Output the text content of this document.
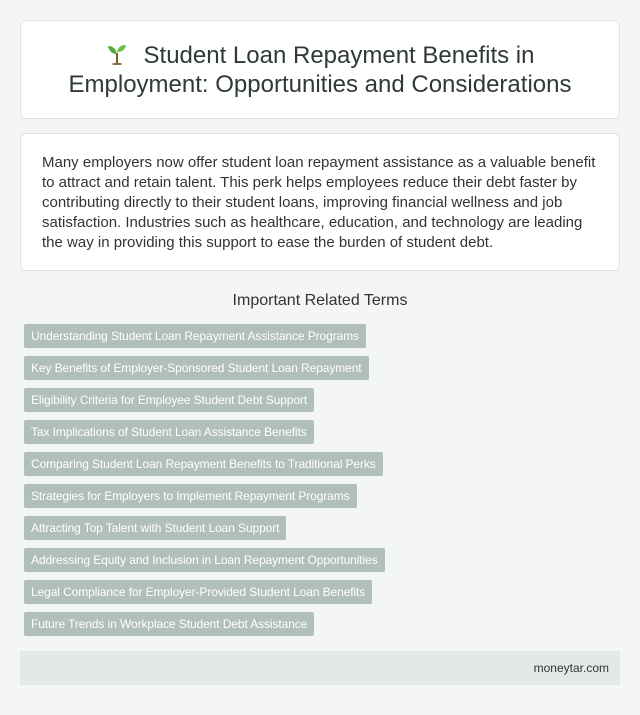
Student Loan Repayment Benefits in Employment: Opportunities and Considerations

Many employers now offer student loan repayment assistance as a valuable benefit to attract and retain talent. This perk helps employees reduce their debt faster by contributing directly to their student loans, improving financial wellness and job satisfaction. Industries such as healthcare, education, and technology are leading the way in providing this support to ease the burden of student debt.

Important Related Terms
Understanding Student Loan Repayment Assistance Programs
Key Benefits of Employer-Sponsored Student Loan Repayment
Eligibility Criteria for Employee Student Debt Support
Tax Implications of Student Loan Assistance Benefits
Comparing Student Loan Repayment Benefits to Traditional Perks
Strategies for Employers to Implement Repayment Programs
Attracting Top Talent with Student Loan Support
Addressing Equity and Inclusion in Loan Repayment Opportunities
Legal Compliance for Employer-Provided Student Loan Benefits
Future Trends in Workplace Student Debt Assistance
moneytar.com
